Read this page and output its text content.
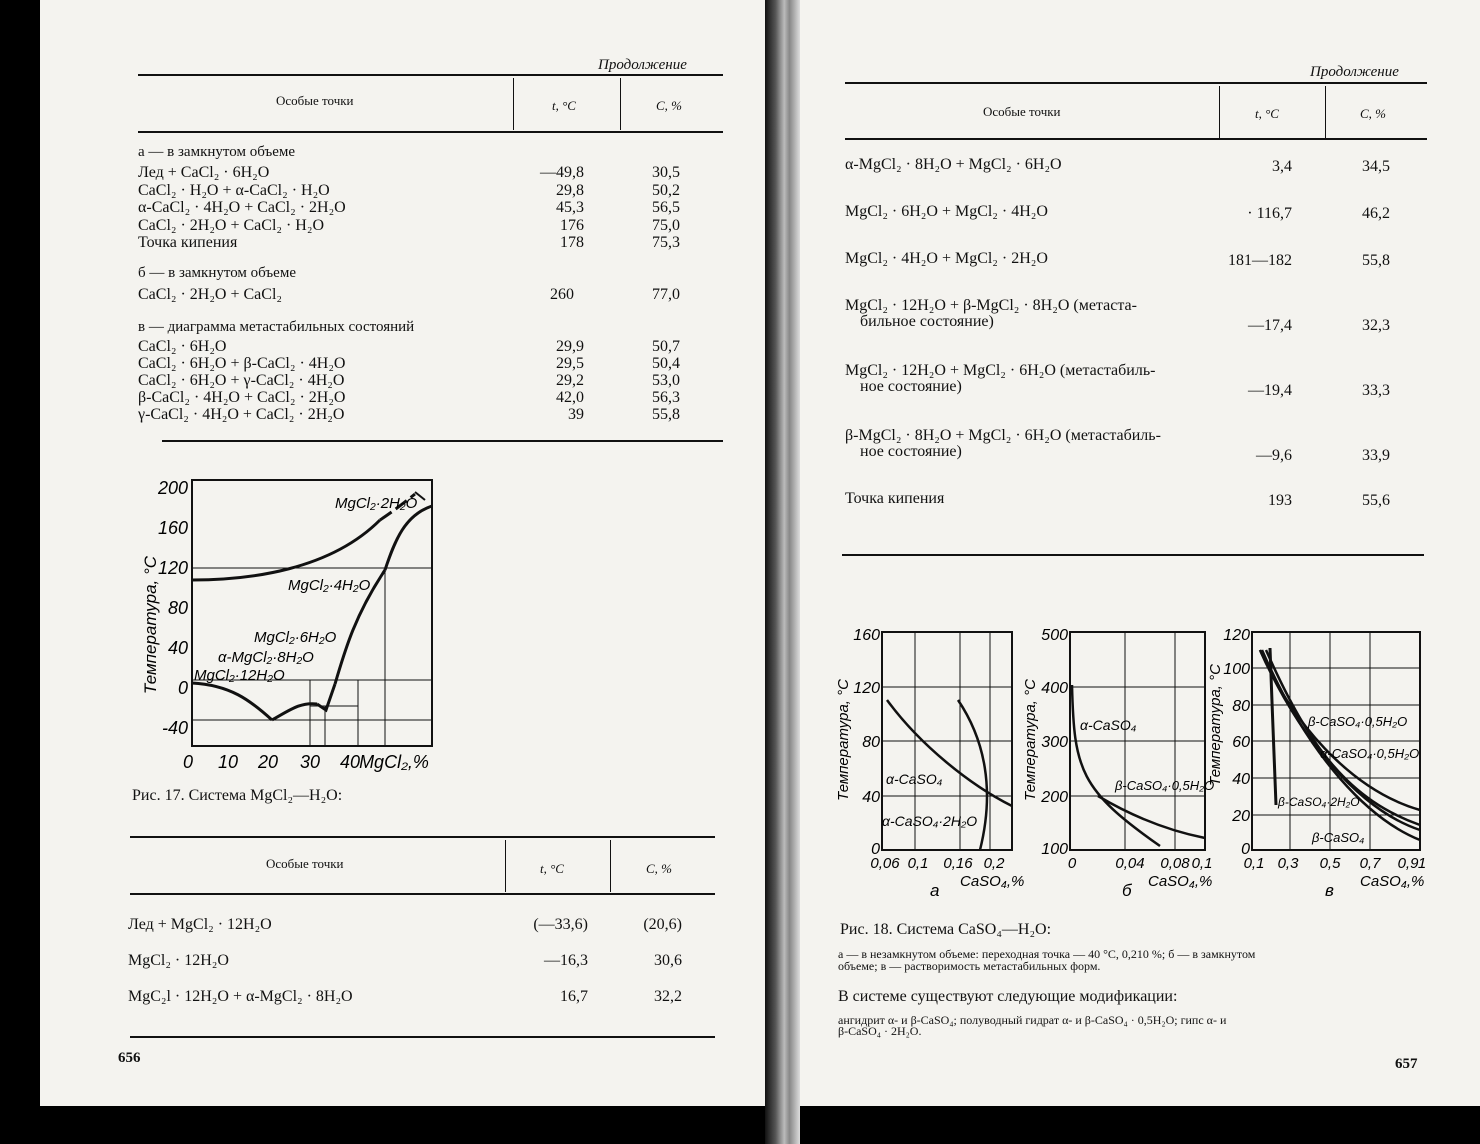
Продолжение
Особые точки	t, °C	C, %
а — в замкнутом объеме
Лед + CaCl₂ · 6H₂O	—49,8	30,5
CaCl₂ · H₂O + α-CaCl₂ · H₂O	29,8	50,2
α-CaCl₂ · 4H₂O + CaCl₂ · 2H₂O	45,3	56,5
CaCl₂ · 2H₂O + CaCl₂ · H₂O	176	75,0
Точка кипения	178	75,3
б — в замкнутом объеме
CaCl₂ · 2H₂O + CaCl₂	260	77,0
в — диаграмма метастабильных состояний
CaCl₂ · 6H₂O	29,9	50,7
CaCl₂ · 6H₂O + β-CaCl₂ · 4H₂O	29,5	50,4
CaCl₂ · 6H₂O + γ-CaCl₂ · 4H₂O	29,2	53,0
β-CaCl₂ · 4H₂O + CaCl₂ · 2H₂O	42,0	56,3
γ-CaCl₂ · 4H₂O + CaCl₂ · 2H₂O	39	55,8
200
160
120
80
40
0
-40
0 10 20 30 40 MgCl₂,%
Температура, °С
MgCl₂·2H₂O
MgCl₂·4H₂O
MgCl₂·6H₂O
α-MgCl₂·8H₂O
MgCl₂·12H₂O
Рис. 17. Система MgCl₂—H₂O:
Особые точки	t, °C	C, %
Лед + MgCl₂ · 12H₂O	(—33,6)	(20,6)
MgCl₂ · 12H₂O	—16,3	30,6
MgC₂l · 12H₂O + α-MgCl₂ · 8H₂O	16,7	32,2
656
Продолжение
Особые точки	t, °C	C, %
α-MgCl₂ · 8H₂O + MgCl₂ · 6H₂O	3,4	34,5
MgCl₂ · 6H₂O + MgCl₂ · 4H₂O	· 116,7	46,2
MgCl₂ · 4H₂O + MgCl₂ · 2H₂O	181—182	55,8
MgCl₂ · 12H₂O + β-MgCl₂ · 8H₂O (метаста-
бильное состояние)	—17,4	32,3
MgCl₂ · 12H₂O + MgCl₂ · 6H₂O (метастабиль-
ное состояние)	—19,4	33,3
β-MgCl₂ · 8H₂O + MgCl₂ · 6H₂O (метастабиль-
ное состояние)	—9,6	33,9
Точка кипения	193	55,6
α-CaSO₄
α-CaSO₄·2H₂O
160
120
80
40
0
0,06 0,1 0,16 0,2
Температура, °С
CaSO₄,%
а
α-CaSO₄
β-CaSO₄·0,5H₂O
500
400
300
200
100
0	0,04 0,08 0,1
Температура, °С
CaSO₄,%
б
β-CaSO₄·0,5H₂O
α-CaSO₄·0,5H₂O
β-CaSO₄·2H₂O
β-CaSO₄
120
100
80
60
40
20
0
0,1 0,3 0,5 0,7 0,9 1
Температура, °С
CaSO₄,%
в
Рис. 18. Система CaSO₄—H₂O:
а — в незамкнутом объеме: переходная точка — 40 °С, 0,210 %; б — в замкнутом
объеме; в — растворимость метастабильных форм.
В системе существуют следующие модификации:
ангидрит α- и β-CaSO₄; полуводный гидрат α- и β-CaSO₄ · 0,5H₂O; гипс α- и
β-CaSO₄ · 2H₂O.
657
